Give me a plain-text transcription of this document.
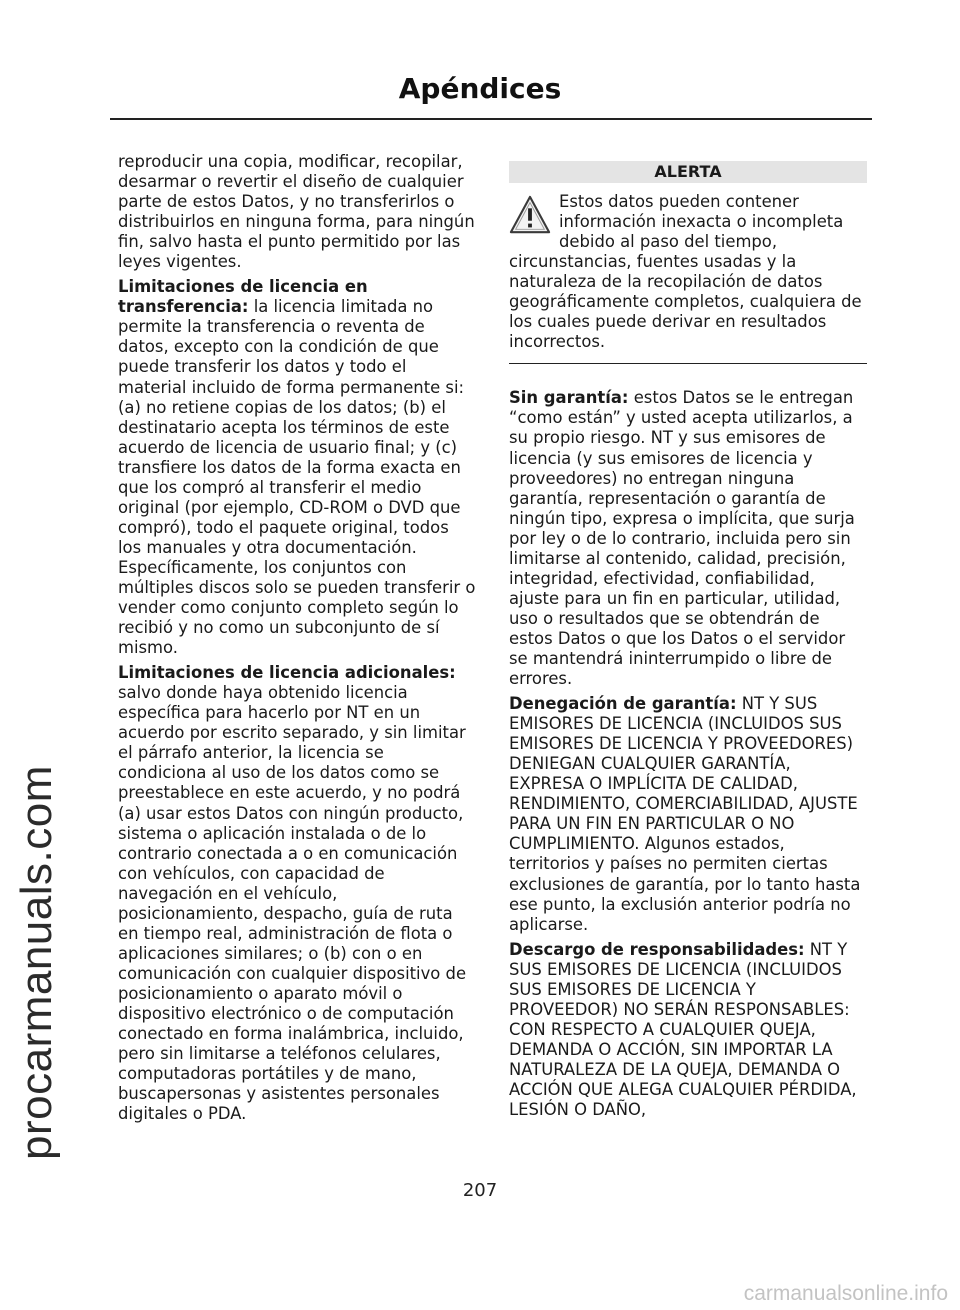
procarmanuals.com
Apéndices

reproducir una copia, modificar, recopilar, desarmar o revertir el diseño de cualquier parte de estos Datos, y no transferirlos o distribuirlos en ninguna forma, para ningún fin, salvo hasta el punto permitido por las leyes vigentes.

Limitaciones de licencia en transferencia: la licencia limitada no permite la transferencia o reventa de datos, excepto con la condición de que puede transferir los datos y todo el material incluido de forma permanente si: (a) no retiene copias de los datos; (b) el destinatario acepta los términos de este acuerdo de licencia de usuario final; y (c) transfiere los datos de la forma exacta en que los compró al transferir el medio original (por ejemplo, CD-ROM o DVD que compró), todo el paquete original, todos los manuales y otra documentación. Específicamente, los conjuntos con múltiples discos solo se pueden transferir o vender como conjunto completo según lo recibió y no como un subconjunto de sí mismo.

Limitaciones de licencia adicionales: salvo donde haya obtenido licencia específica para hacerlo por NT en un acuerdo por escrito separado, y sin limitar el párrafo anterior, la licencia se condiciona al uso de los datos como se preestablece en este acuerdo, y no podrá (a) usar estos Datos con ningún producto, sistema o aplicación instalada o de lo contrario conectada a o en comunicación con vehículos, con capacidad de navegación en el vehículo, posicionamiento, despacho, guía de ruta en tiempo real, administración de flota o aplicaciones similares; o (b) con o en comunicación con cualquier dispositivo de posicionamiento o aparato móvil o dispositivo electrónico o de computación conectado en forma inalámbrica, incluido, pero sin limitarse a teléfonos celulares, computadoras portátiles y de mano, buscapersonas y asistentes personales digitales o PDA.

ALERTA
Estos datos pueden contener información inexacta o incompleta debido al paso del tiempo, circunstancias, fuentes usadas y la naturaleza de la recopilación de datos geográficamente completos, cualquiera de los cuales puede derivar en resultados incorrectos.

Sin garantía: estos Datos se le entregan “como están” y usted acepta utilizarlos, a su propio riesgo. NT y sus emisores de licencia (y sus emisores de licencia y proveedores) no entregan ninguna garantía, representación o garantía de ningún tipo, expresa o implícita, que surja por ley o de lo contrario, incluida pero sin limitarse al contenido, calidad, precisión, integridad, efectividad, confiabilidad, ajuste para un fin en particular, utilidad, uso o resultados que se obtendrán de estos Datos o que los Datos o el servidor se mantendrá ininterrumpido o libre de errores.

Denegación de garantía: NT Y SUS EMISORES DE LICENCIA (INCLUIDOS SUS EMISORES DE LICENCIA Y PROVEEDORES) DENIEGAN CUALQUIER GARANTÍA, EXPRESA O IMPLÍCITA DE CALIDAD, RENDIMIENTO, COMERCIABILIDAD, AJUSTE PARA UN FIN EN PARTICULAR O NO CUMPLIMIENTO. Algunos estados, territorios y países no permiten ciertas exclusiones de garantía, por lo tanto hasta ese punto, la exclusión anterior podría no aplicarse.

Descargo de responsabilidades: NT Y SUS EMISORES DE LICENCIA (INCLUIDOS SUS EMISORES DE LICENCIA Y PROVEEDOR) NO SERÁN RESPONSABLES: CON RESPECTO A CUALQUIER QUEJA, DEMANDA O ACCIÓN, SIN IMPORTAR LA NATURALEZA DE LA QUEJA, DEMANDA O ACCIÓN QUE ALEGA CUALQUIER PÉRDIDA, LESIÓN O DAÑO,

207
carmanualsonline.info
